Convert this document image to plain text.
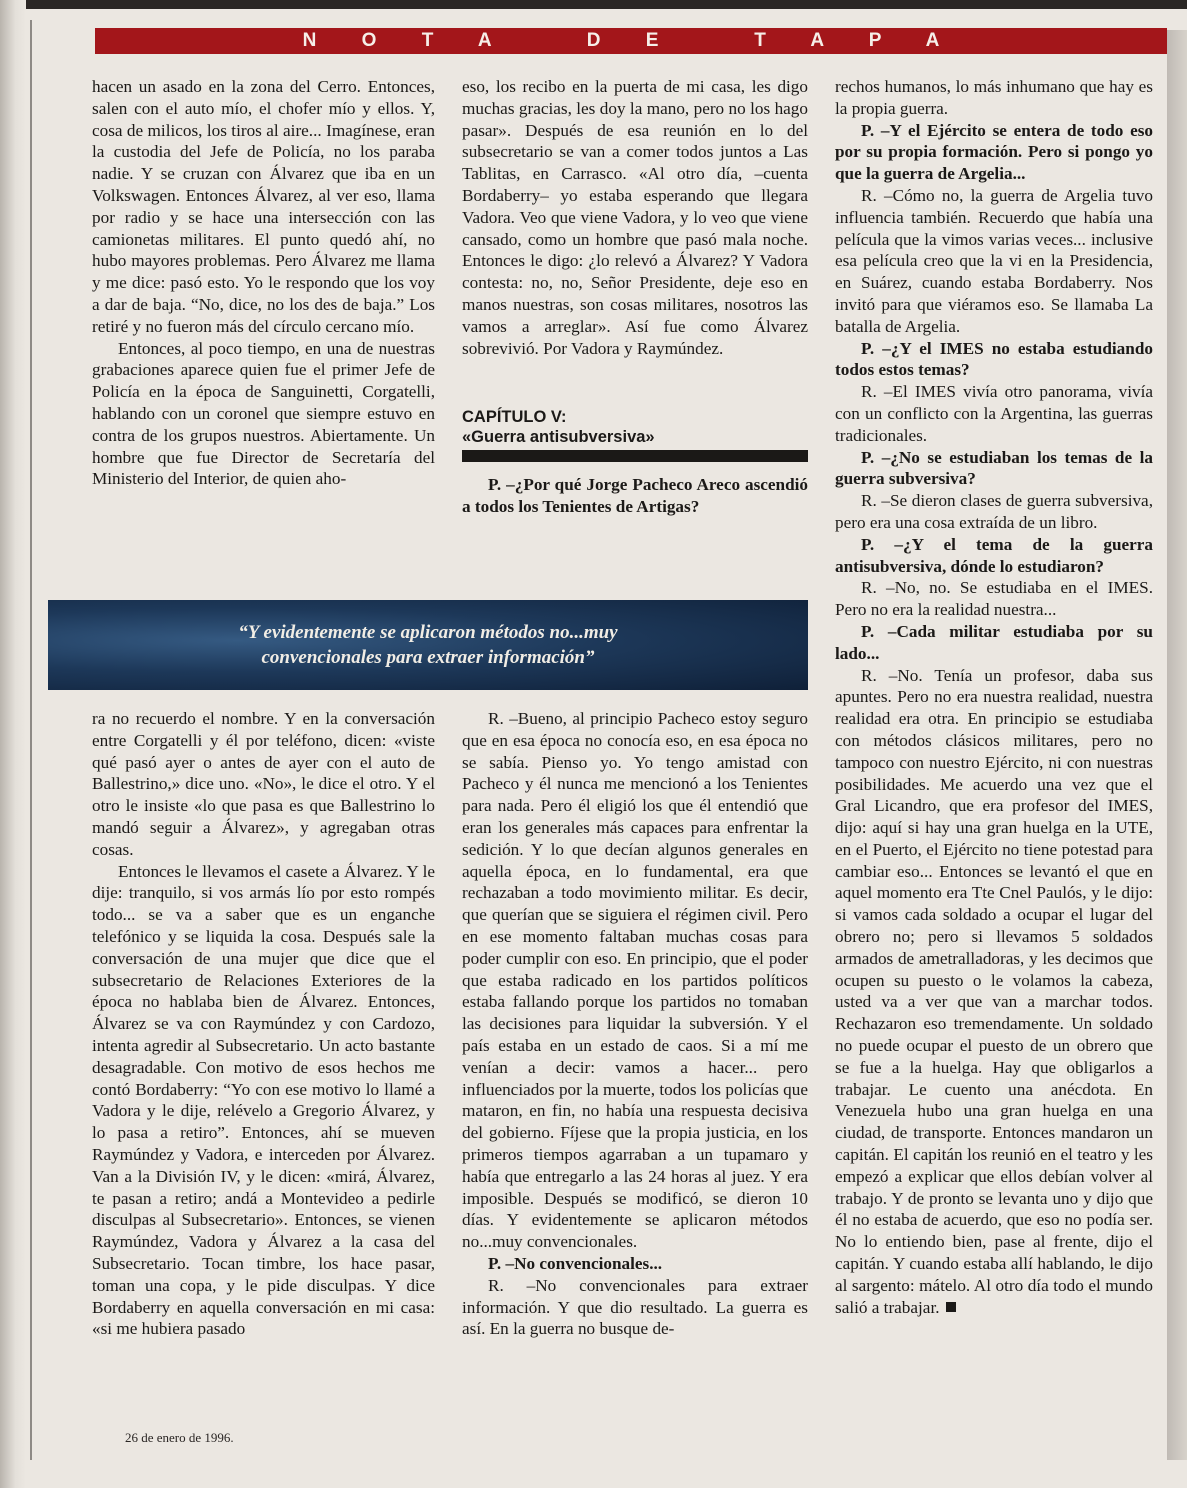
N O T A   D E   T A P A

hacen un asado en la zona del Cerro. Entonces, salen con el auto mío, el chofer mío y ellos. Y, cosa de milicos, los tiros al aire... Imagínese, eran la custodia del Jefe de Policía, no los paraba nadie. Y se cruzan con Álvarez que iba en un Volkswagen. Entonces Álvarez, al ver eso, llama por radio y se hace una intersección con las camionetas militares. El punto quedó ahí, no hubo mayores problemas. Pero Álvarez me llama y me dice: pasó esto. Yo le respondo que los voy a dar de baja. “No, dice, no los des de baja.” Los retiré y no fueron más del círculo cercano mío.

Entonces, al poco tiempo, en una de nuestras grabaciones aparece quien fue el primer Jefe de Policía en la época de Sanguinetti, Corgatelli, hablando con un coronel que siempre estuvo en contra de los grupos nuestros. Abiertamente. Un hombre que fue Director de Secretaría del Ministerio del Interior, de quien aho-

eso, los recibo en la puerta de mi casa, les digo muchas gracias, les doy la mano, pero no los hago pasar». Después de esa reunión en lo del subsecretario se van a comer todos juntos a Las Tablitas, en Carrasco. «Al otro día, –cuenta Bordaberry– yo estaba esperando que llegara Vadora. Veo que viene Vadora, y lo veo que viene cansado, como un hombre que pasó mala noche. Entonces le digo: ¿lo relevó a Álvarez? Y Vadora contesta: no, no, Señor Presidente, deje eso en manos nuestras, son cosas militares, nosotros las vamos a arreglar». Así fue como Álvarez sobrevivió. Por Vadora y Raymúndez.

CAPÍTULO V:
«Guerra antisubversiva»

P. –¿Por qué Jorge Pacheco Areco ascendió a todos los Tenientes de Artigas?

“Y evidentemente se aplicaron métodos no...muy convencionales para extraer información”

ra no recuerdo el nombre. Y en la conversación entre Corgatelli y él por teléfono, dicen: «viste qué pasó ayer o antes de ayer con el auto de Ballestrino,» dice uno. «No», le dice el otro. Y el otro le insiste «lo que pasa es que Ballestrino lo mandó seguir a Álvarez», y agregaban otras cosas.

Entonces le llevamos el casete a Álvarez. Y le dije: tranquilo, si vos armás lío por esto rompés todo... se va a saber que es un enganche telefónico y se liquida la cosa. Después sale la conversación de una mujer que dice que el subsecretario de Relaciones Exteriores de la época no hablaba bien de Álvarez. Entonces, Álvarez se va con Raymúndez y con Cardozo, intenta agredir al Subsecretario. Un acto bastante desagradable. Con motivo de esos hechos me contó Bordaberry: “Yo con ese motivo lo llamé a Vadora y le dije, relévelo a Gregorio Álvarez, y lo pasa a retiro”. Entonces, ahí se mueven Raymúndez y Vadora, e interceden por Álvarez. Van a la División IV, y le dicen: «mirá, Álvarez, te pasan a retiro; andá a Montevideo a pedirle disculpas al Subsecretario». Entonces, se vienen Raymúndez, Vadora y Álvarez a la casa del Subsecretario. Tocan timbre, los hace pasar, toman una copa, y le pide disculpas. Y dice Bordaberry en aquella conversación en mi casa: «si me hubiera pasado

R. –Bueno, al principio Pacheco estoy seguro que en esa época no conocía eso, en esa época no se sabía. Pienso yo. Yo tengo amistad con Pacheco y él nunca me mencionó a los Tenientes para nada. Pero él eligió los que él entendió que eran los generales más capaces para enfrentar la sedición. Y lo que decían algunos generales en aquella época, en lo fundamental, era que rechazaban a todo movimiento militar. Es decir, que querían que se siguiera el régimen civil. Pero en ese momento faltaban muchas cosas para poder cumplir con eso. En principio, que el poder que estaba radicado en los partidos políticos estaba fallando porque los partidos no tomaban las decisiones para liquidar la subversión. Y el país estaba en un estado de caos. Si a mí me venían a decir: vamos a hacer... pero influenciados por la muerte, todos los policías que mataron, en fin, no había una respuesta decisiva del gobierno. Fíjese que la propia justicia, en los primeros tiempos agarraban a un tupamaro y había que entregarlo a las 24 horas al juez. Y era imposible. Después se modificó, se dieron 10 días. Y evidentemente se aplicaron métodos no...muy convencionales.

P. –No convencionales...

R. –No convencionales para extraer información. Y que dio resultado. La guerra es así. En la guerra no busque de-

rechos humanos, lo más inhumano que hay es la propia guerra.

P. –Y el Ejército se entera de todo eso por su propia formación. Pero si pongo yo que la guerra de Argelia...

R. –Cómo no, la guerra de Argelia tuvo influencia también. Recuerdo que había una película que la vimos varias veces... inclusive esa película creo que la vi en la Presidencia, en Suárez, cuando estaba Bordaberry. Nos invitó para que viéramos eso. Se llamaba La batalla de Argelia.

P. –¿Y el IMES no estaba estudiando todos estos temas?

R. –El IMES vivía otro panorama, vivía con un conflicto con la Argentina, las guerras tradicionales.

P. –¿No se estudiaban los temas de la guerra subversiva?

R. –Se dieron clases de guerra subversiva, pero era una cosa extraída de un libro.

P. –¿Y el tema de la guerra antisubversiva, dónde lo estudiaron?

R. –No, no. Se estudiaba en el IMES. Pero no era la realidad nuestra...

P. –Cada militar estudiaba por su lado...

R. –No. Tenía un profesor, daba sus apuntes. Pero no era nuestra realidad, nuestra realidad era otra. En principio se estudiaba con métodos clásicos militares, pero no tampoco con nuestro Ejército, ni con nuestras posibilidades. Me acuerdo una vez que el Gral Licandro, que era profesor del IMES, dijo: aquí si hay una gran huelga en la UTE, en el Puerto, el Ejército no tiene potestad para cambiar eso... Entonces se levantó el que en aquel momento era Tte Cnel Paulós, y le dijo: si vamos cada soldado a ocupar el lugar del obrero no; pero si llevamos 5 soldados armados de ametralladoras, y les decimos que ocupen su puesto o le volamos la cabeza, usted va a ver que van a marchar todos. Rechazaron eso tremendamente. Un soldado no puede ocupar el puesto de un obrero que se fue a la huelga. Hay que obligarlos a trabajar. Le cuento una anécdota. En Venezuela hubo una gran huelga en una ciudad, de transporte. Entonces mandaron un capitán. El capitán los reunió en el teatro y les empezó a explicar que ellos debían volver al trabajo. Y de pronto se levanta uno y dijo que él no estaba de acuerdo, que eso no podía ser. No lo entiendo bien, pase al frente, dijo el capitán. Y cuando estaba allí hablando, le dijo al sargento: mátelo. Al otro día todo el mundo salió a trabajar.

26 de enero de 1996.
